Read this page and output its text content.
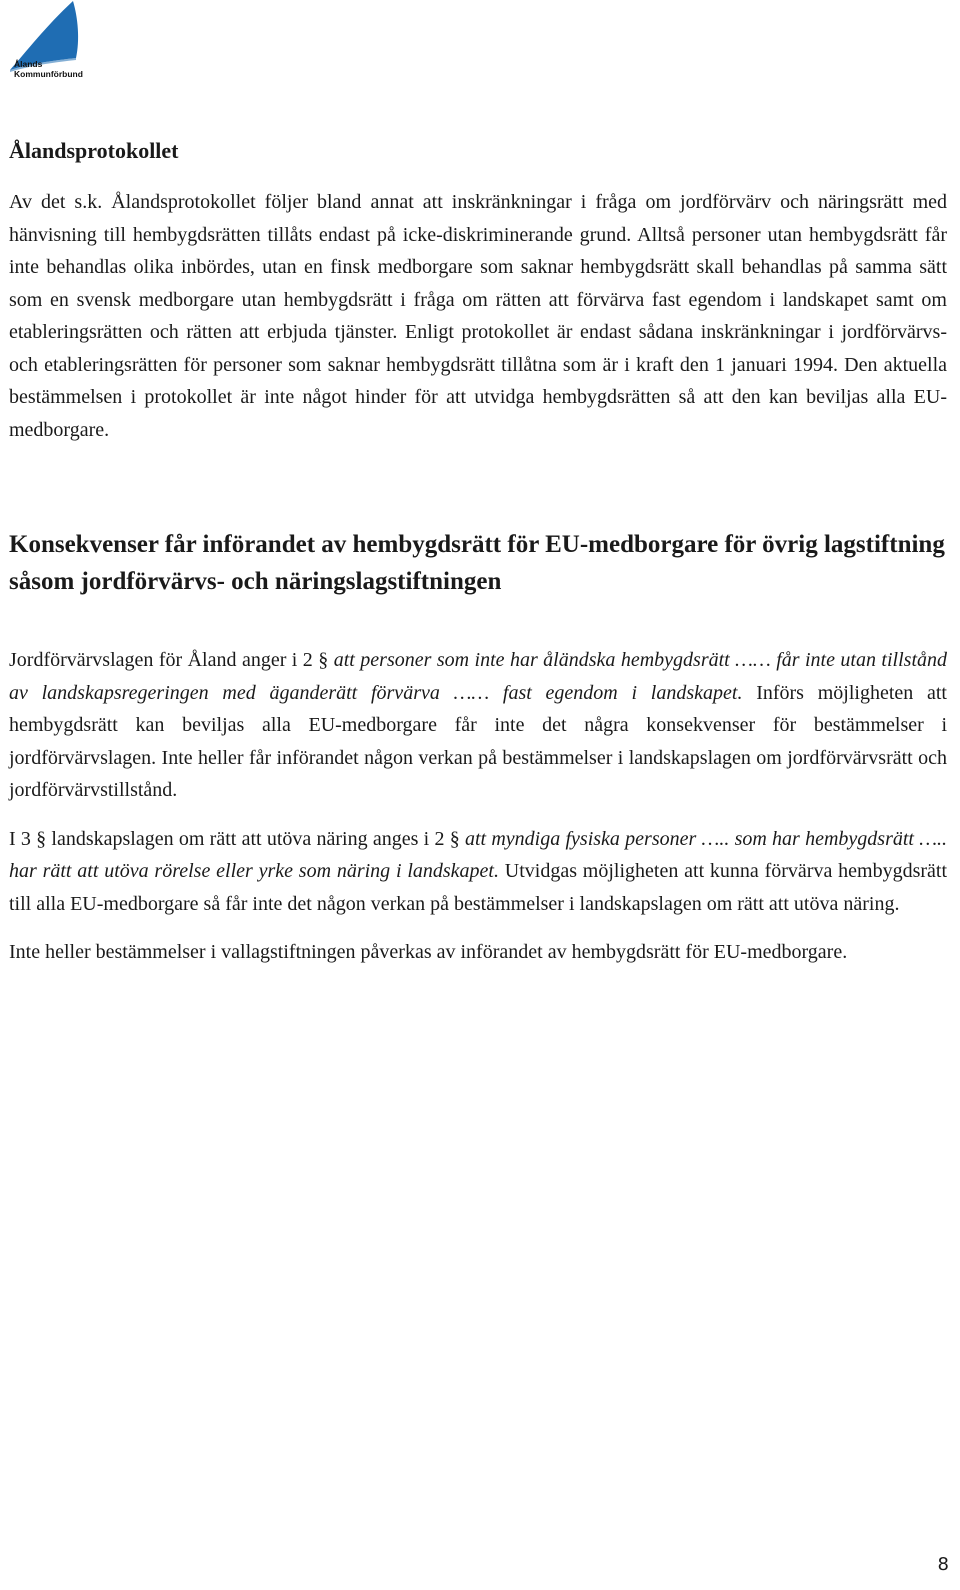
Ålands
Kommunförbund
Ålandsprotokollet

Av det s.k. Ålandsprotokollet följer bland annat att inskränkningar i fråga om jordförvärv och näringsrätt med hänvisning till hembygdsrätten tillåts endast på icke-diskriminerande grund. Alltså personer utan hembygdsrätt får inte behandlas olika inbördes, utan en finsk medborgare som saknar hembygdsrätt skall behandlas på samma sätt som en svensk medborgare utan hembygdsrätt i fråga om rätten att förvärva fast egendom i landskapet samt om etableringsrätten och rätten att erbjuda tjänster. Enligt protokollet är endast sådana inskränkningar i jordförvärvs- och etableringsrätten för personer som saknar hembygdsrätt tillåtna som är i kraft den 1 januari 1994. Den aktuella bestämmelsen i protokollet är inte något hinder för att utvidga hembygdsrätten så att den kan beviljas alla EU-medborgare.

Konsekvenser får införandet av hembygdsrätt för EU-medborgare för övrig lagstiftning såsom jordförvärvs- och näringslagstiftningen

Jordförvärvslagen för Åland anger i 2 § att personer som inte har åländska hembygdsrätt …… får inte utan tillstånd av landskapsregeringen med äganderätt förvärva …… fast egendom i landskapet. Införs möjligheten att hembygdsrätt kan beviljas alla EU-medborgare får inte det några konsekvenser för bestämmelser i jordförvärvslagen. Inte heller får införandet någon verkan på bestämmelser i landskapslagen om jordförvärvsrätt och jordförvärvstillstånd.

I 3 § landskapslagen om rätt att utöva näring anges i 2 § att myndiga fysiska personer ….. som har hembygdsrätt ….. har rätt att utöva rörelse eller yrke som näring i landskapet. Utvidgas möjligheten att kunna förvärva hembygdsrätt till alla EU-medborgare så får inte det någon verkan på bestämmelser i landskapslagen om rätt att utöva näring.

Inte heller bestämmelser i vallagstiftningen påverkas av införandet av hembygdsrätt för EU-medborgare.

8
